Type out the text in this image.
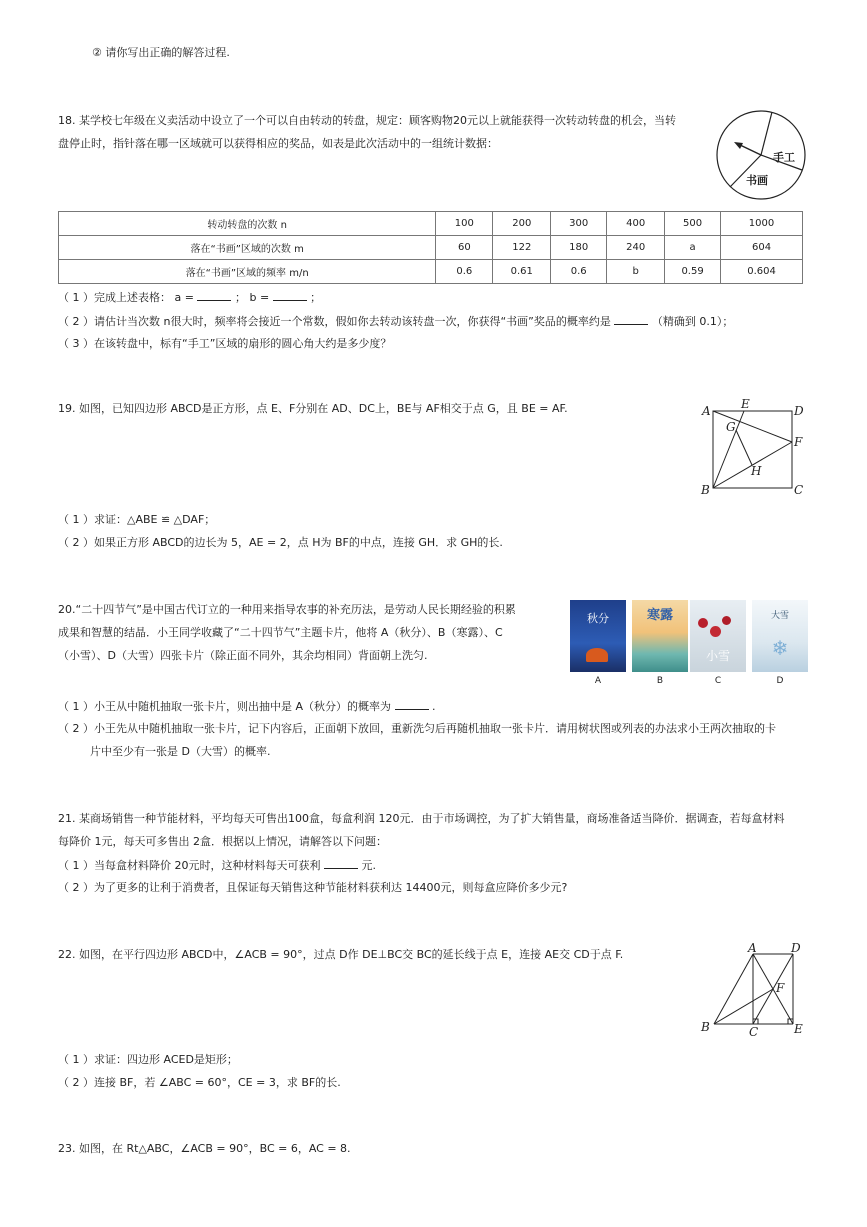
② 请你写出正确的解答过程.
18. 某学校七年级在义卖活动中设立了一个可以自由转动的转盘，规定：顾客购物20元以上就能获得一次转动转盘的机会，当转
盘停止时，指针落在哪一区域就可以获得相应的奖品，如表是此次活动中的一组统计数据：
手工
书画
转动转盘的次数 n	100	200	300	400	500	1000
落在“书画”区域的次数 m	60	122	180	240	a	604
落在“书画”区域的频率 m/n	0.6	0.61	0.6	b	0.59	0.604
（ 1 ）完成上述表格： a =	； b =	；
（ 2 ）请估计当次数 n很大时，频率将会接近一个常数，假如你去转动该转盘一次，你获得“书画”奖品的概率约是	（精确到 0.1）；
（ 3 ）在该转盘中，标有“手工”区域的扇形的圆心角大约是多少度？
19. 如图，已知四边形 ABCD是正方形，点 E、F分别在 AD、DC上，BE与 AF相交于点 G，且 BE = AF.	A	E	D
G
F
H
B	C
（ 1 ）求证：△ABE ≌ △DAF；
（ 2 ）如果正方形 ABCD的边长为 5，AE = 2，点 H为 BF的中点，连接 GH．求 GH的长.
20.“二十四节气”是中国古代订立的一种用来指导农事的补充历法，是劳动人民长期经验的积累
成果和智慧的结晶．小王同学收藏了“二十四节气”主题卡片，他将 A（秋分）、B（寒露）、C
（小雪）、D（大雪）四张卡片（除正面不同外，其余均相同）背面朝上洗匀.
秋分	寒露
小雪
大雪
❄
A	B	C	D
（ 1 ）小王从中随机抽取一张卡片，则出抽中是 A（秋分）的概率为	.
（ 2 ）小王先从中随机抽取一张卡片，记下内容后，正面朝下放回，重新洗匀后再随机抽取一张卡片．请用树状图或列表的办法求小王两次抽取的卡
片中至少有一张是 D（大雪）的概率.
21. 某商场销售一种节能材料，平均每天可售出100盒，每盒利润 120元．由于市场调控，为了扩大销售量，商场准备适当降价．据调查，若每盒材料
每降价 1元，每天可多售出 2盒．根据以上情况，请解答以下问题：
（ 1 ）当每盒材料降价 20元时，这种材料每天可获利	元.
（ 2 ）为了更多的让利于消费者，且保证每天销售这种节能材料获利达 14400元，则每盒应降价多少元?
22. 如图，在平行四边形 ABCD中，∠ACB = 90°，过点 D作 DE⊥BC交 BC的延长线于点 E，连接 AE交 CD于点 F.	A	D
F
B	C	E
（ 1 ）求证：四边形 ACED是矩形；
（ 2 ）连接 BF，若 ∠ABC = 60°，CE = 3，求 BF的长.
23. 如图，在 Rt△ABC，∠ACB = 90°，BC = 6，AC = 8.
